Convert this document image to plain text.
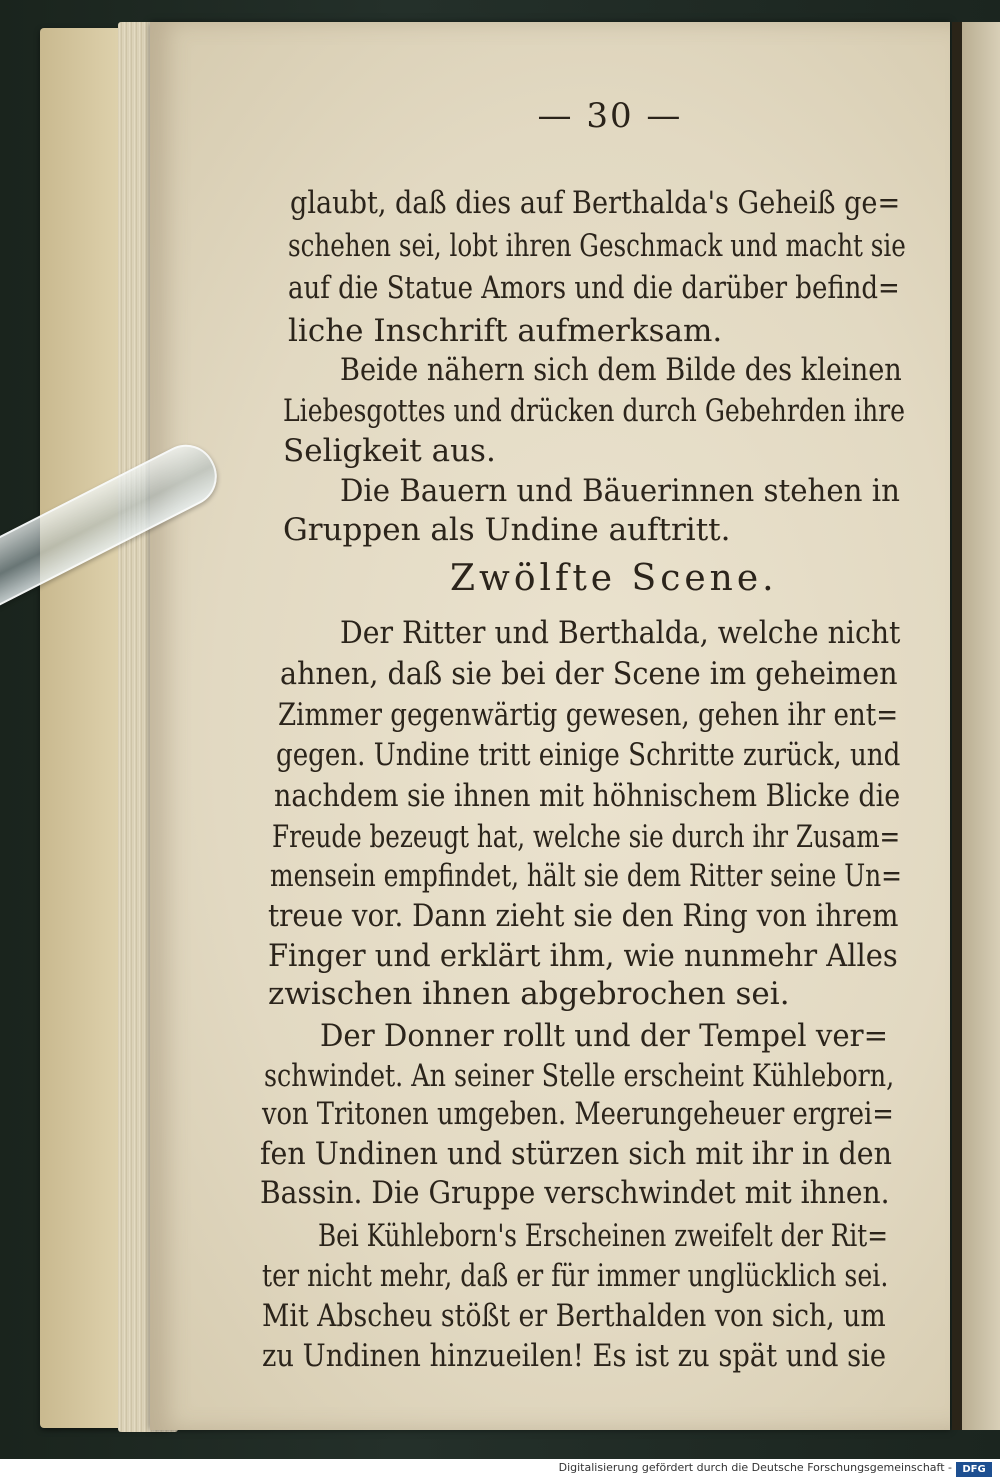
— 30 —
glaubt, daß dies auf Berthalda's Geheiß ge=
schehen sei, lobt ihren Geschmack und macht sie
auf die Statue Amors und die darüber befind=
liche Inschrift aufmerksam.
Beide nähern sich dem Bilde des kleinen
Liebesgottes und drücken durch Gebehrden ihre
Seligkeit aus.
Die Bauern und Bäuerinnen stehen in
Gruppen als Undine auftritt.
Zwölfte Scene.
Der Ritter und Berthalda, welche nicht
ahnen, daß sie bei der Scene im geheimen
Zimmer gegenwärtig gewesen, gehen ihr ent=
gegen. Undine tritt einige Schritte zurück, und
nachdem sie ihnen mit höhnischem Blicke die
Freude bezeugt hat, welche sie durch ihr Zusam=
mensein empfindet, hält sie dem Ritter seine Un=
treue vor. Dann zieht sie den Ring von ihrem
Finger und erklärt ihm, wie nunmehr Alles
zwischen ihnen abgebrochen sei.
Der Donner rollt und der Tempel ver=
schwindet. An seiner Stelle erscheint Kühleborn,
von Tritonen umgeben. Meerungeheuer ergrei=
fen Undinen und stürzen sich mit ihr in den
Bassin. Die Gruppe verschwindet mit ihnen.
Bei Kühleborn's Erscheinen zweifelt der Rit=
ter nicht mehr, daß er für immer unglücklich sei.
Mit Abscheu stößt er Berthalden von sich, um
zu Undinen hinzueilen! Es ist zu spät und sie
Digitalisierung gefördert durch die Deutsche Forschungsgemeinschaft -	DFG
